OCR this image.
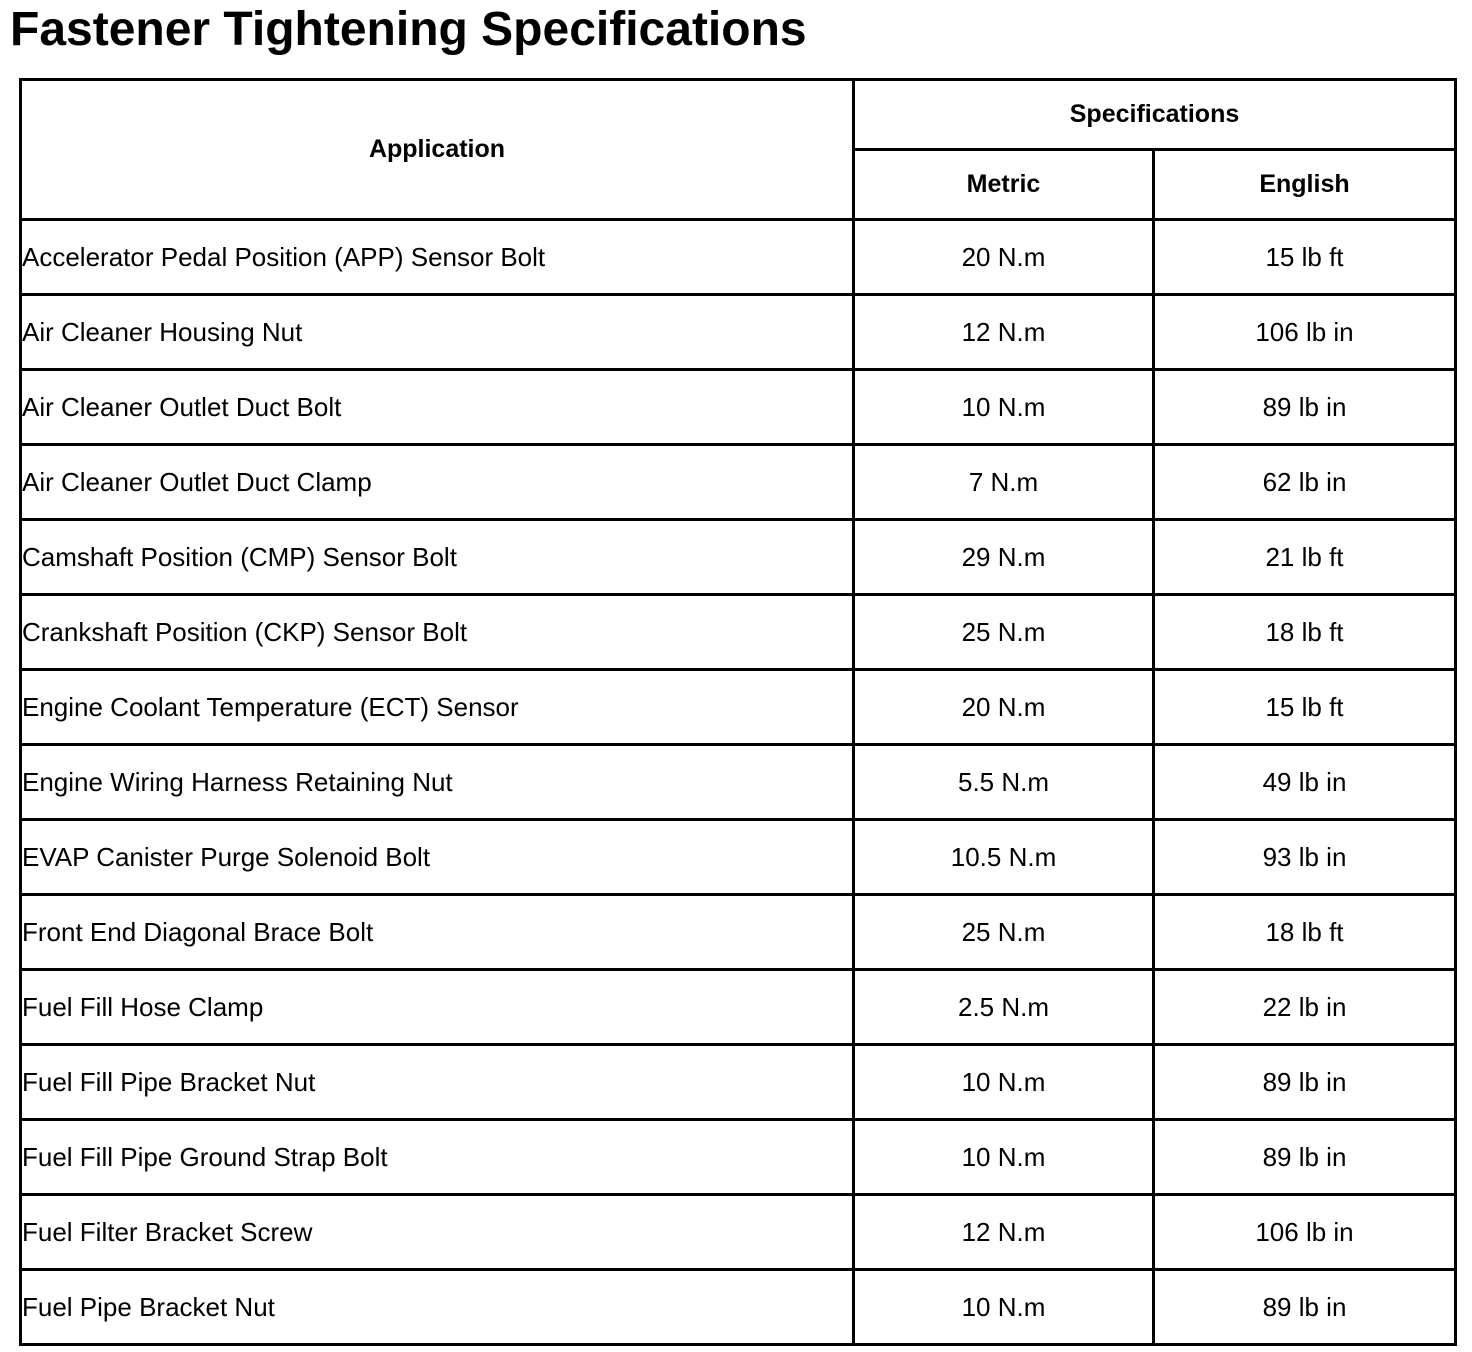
Fastener Tightening Specifications
Application	Specifications	
	Metric	English
Accelerator Pedal Position (APP) Sensor Bolt	20 N.m	15 lb ft
Air Cleaner Housing Nut	12 N.m	106 lb in
Air Cleaner Outlet Duct Bolt	10 N.m	89 lb in
Air Cleaner Outlet Duct Clamp	7 N.m	62 lb in
Camshaft Position (CMP) Sensor Bolt	29 N.m	21 lb ft
Crankshaft Position (CKP) Sensor Bolt	25 N.m	18 lb ft
Engine Coolant Temperature (ECT) Sensor	20 N.m	15 lb ft
Engine Wiring Harness Retaining Nut	5.5 N.m	49 lb in
EVAP Canister Purge Solenoid Bolt	10.5 N.m	93 lb in
Front End Diagonal Brace Bolt	25 N.m	18 lb ft
Fuel Fill Hose Clamp	2.5 N.m	22 lb in
Fuel Fill Pipe Bracket Nut	10 N.m	89 lb in
Fuel Fill Pipe Ground Strap Bolt	10 N.m	89 lb in
Fuel Filter Bracket Screw	12 N.m	106 lb in
Fuel Pipe Bracket Nut	10 N.m	89 lb in
